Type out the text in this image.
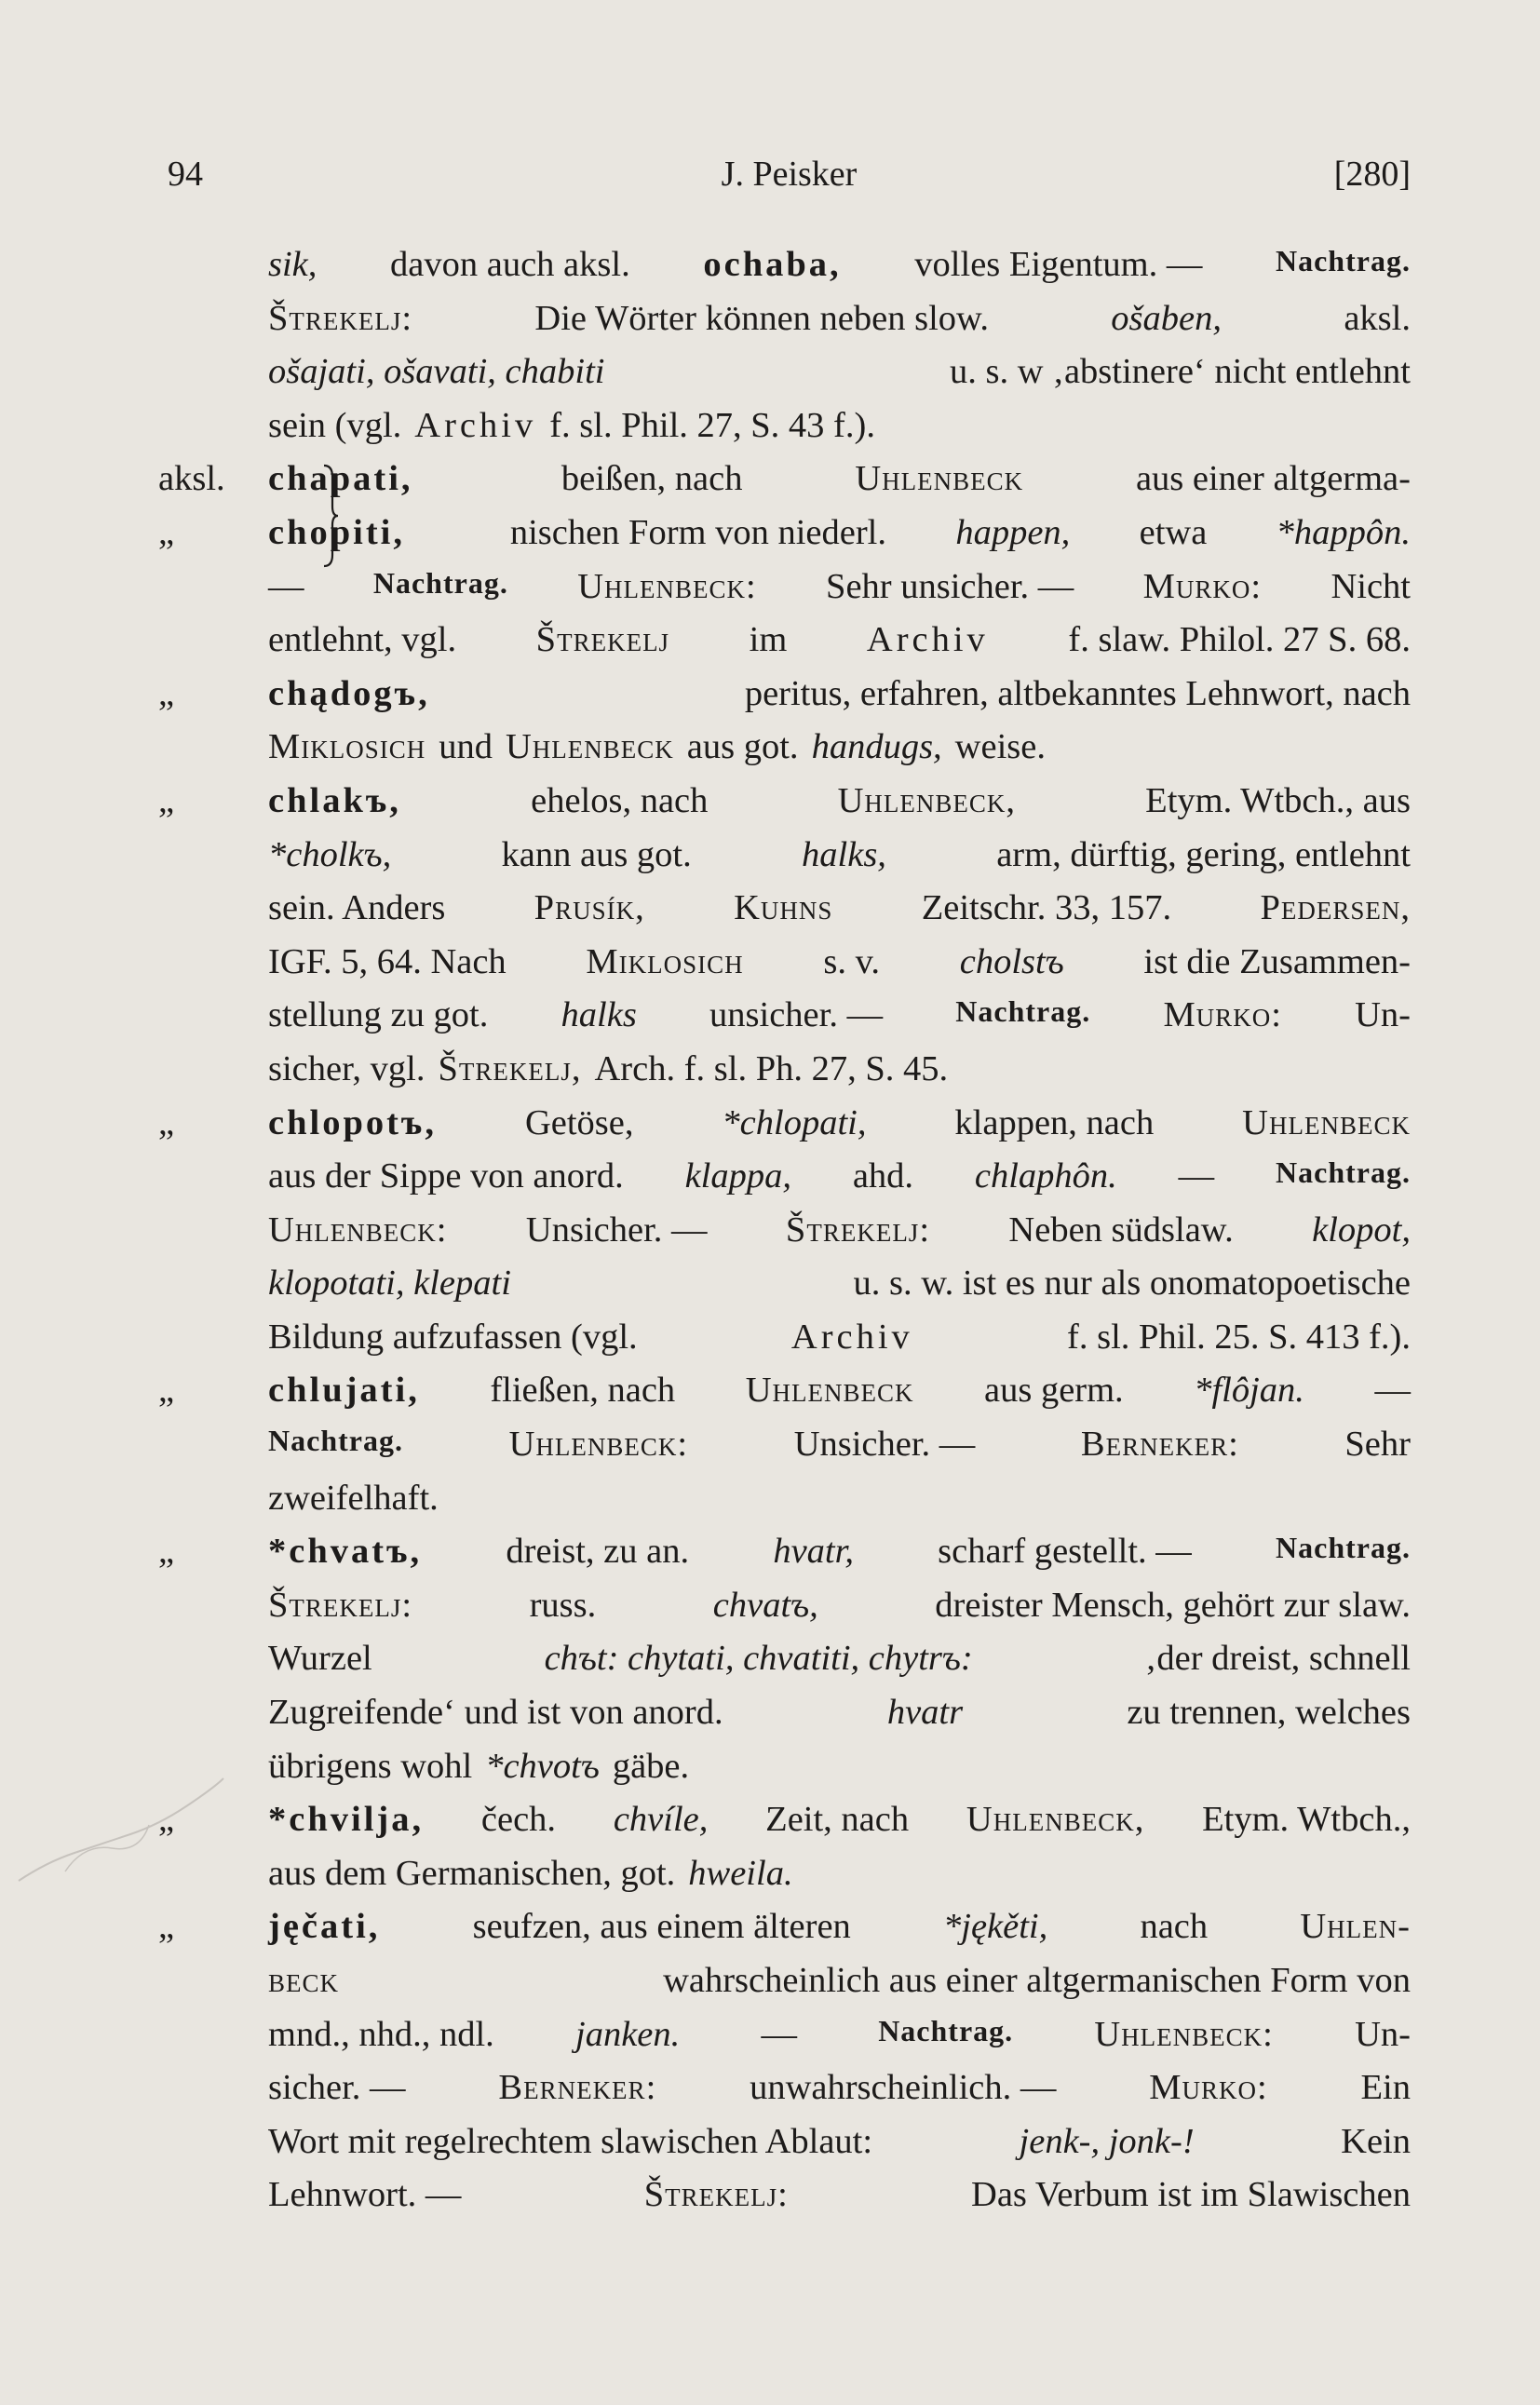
94	J. Peisker	[280]
sik, davon auch aksl. ochaba, volles Eigentum. — Nachtrag.
Štrekelj:	Die Wörter können neben slow.	ošaben,	aksl.
ošajati, ošavati, chabiti	u. s. w ‚abstinere‘ nicht entlehnt
sein (vgl. Archiv f. sl. Phil. 27, S. 43 f.).
aksl.	chapati,	beißen, nach	Uhlenbeck	aus einer altgerma-
„	chopiti, nischen Form von niederl. happen, etwa *happôn.
— Nachtrag. Uhlenbeck: Sehr unsicher. — Murko: Nicht
entlehnt, vgl. Štrekelj im Archiv f. slaw. Philol. 27 S. 68.
„	chądogъ,	peritus, erfahren, altbekanntes Lehnwort, nach
Miklosich und Uhlenbeck aus got. handugs, weise.
„	chlakъ,	ehelos, nach	Uhlenbeck,	Etym. Wtbch., aus
*cholkъ,	kann aus got.	halks,	arm, dürftig, gering, entlehnt
sein. Anders Prusík, Kuhns Zeitschr. 33, 157. Pedersen,
IGF. 5, 64. Nach Miklosich s. v. cholstъ ist die Zusammen-
stellung zu got. halks unsicher. — Nachtrag. Murko: Un-
sicher, vgl. Štrekelj, Arch. f. sl. Ph. 27, S. 45.
„	chlopotъ, Getöse, *chlopati, klappen, nach Uhlenbeck
aus der Sippe von anord. klappa, ahd. chlaphôn. — Nachtrag.
Uhlenbeck: Unsicher. — Štrekelj: Neben südslaw. klopot,
klopotati, klepati	u. s. w. ist es nur als onomatopoetische
Bildung aufzufassen (vgl.	Archiv	f. sl. Phil. 25. S. 413 f.).
„	chlujati, fließen, nach Uhlenbeck aus germ. *flôjan. —
Nachtrag.	Uhlenbeck:	Unsicher. —	Berneker:	Sehr
zweifelhaft.
„	*chvatъ, dreist, zu an. hvatr, scharf gestellt. —	Nachtrag.
Štrekelj:	russ.	chvatъ,	dreister Mensch, gehört zur slaw.
Wurzel	chъt: chytati, chvatiti, chytrъ:	‚der dreist, schnell
Zugreifende‘ und ist von anord.	hvatr	zu trennen, welches
übrigens wohl *chvotъ gäbe.
„	*chvilja, čech. chvíle, Zeit, nach Uhlenbeck, Etym. Wtbch.,
aus dem Germanischen, got. hweila.
„	jęčati,	seufzen, aus einem älteren	*jękěti,	nach	Uhlen-
beck	wahrscheinlich aus einer altgermanischen Form von
mnd., nhd., ndl. janken. —	Nachtrag. Uhlenbeck: Un-
sicher. —	Berneker:	unwahrscheinlich. —	Murko:	Ein
Wort mit regelrechtem slawischen Ablaut:	jenk-, jonk-!	Kein
Lehnwort. —	Štrekelj:	Das Verbum ist im Slawischen
